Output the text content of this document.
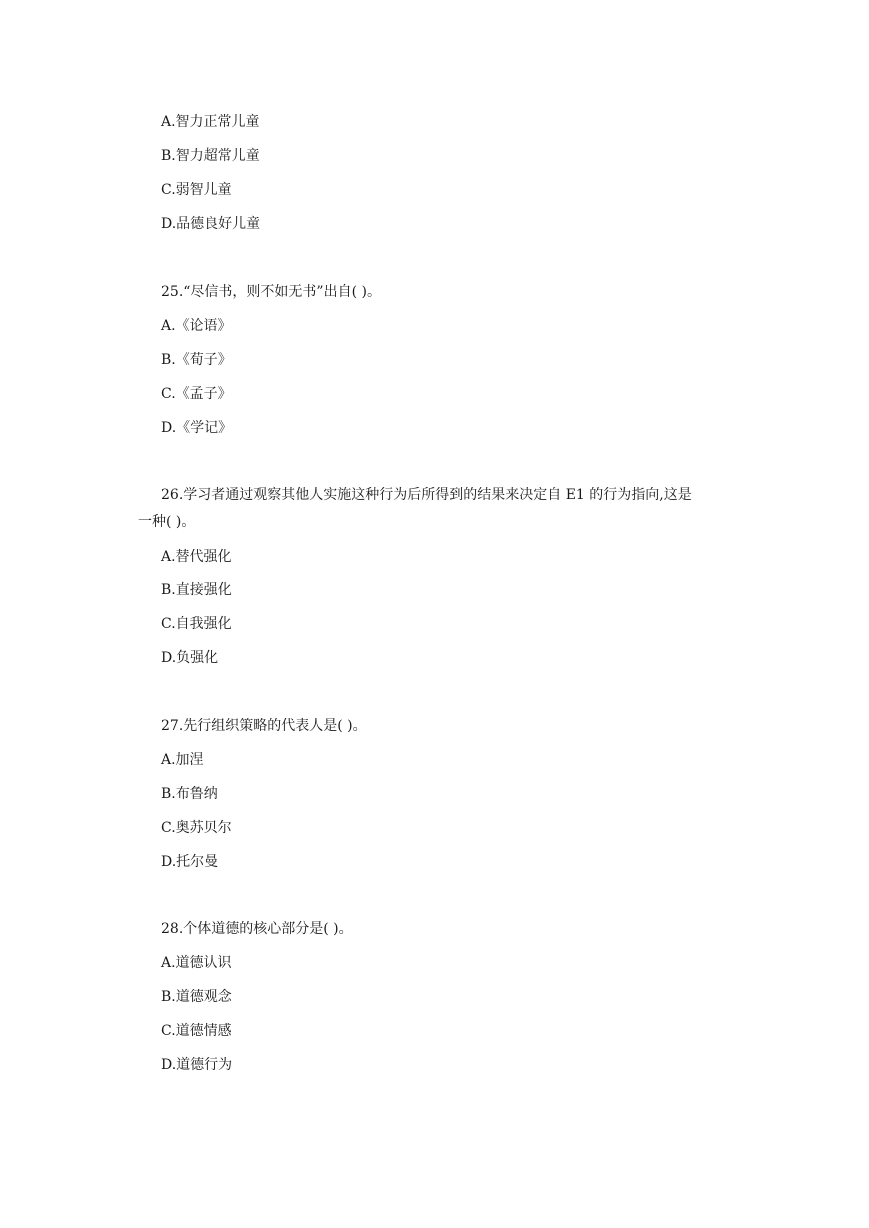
A.智力正常儿童
B.智力超常儿童
C.弱智儿童
D.品德良好儿童
25.“尽信书，则不如无书”出自( )。
A.《论语》
B.《荀子》
C.《孟子》
D.《学记》
26.学习者通过观察其他人实施这种行为后所得到的结果来决定自 E1 的行为指向,这是
一种( )。
A.替代强化
B.直接强化
C.自我强化
D.负强化
27.先行组织策略的代表人是( )。
A.加涅
B.布鲁纳
C.奥苏贝尔
D.托尔曼
28.个体道德的核心部分是( )。
A.道德认识
B.道德观念
C.道德情感
D.道德行为
